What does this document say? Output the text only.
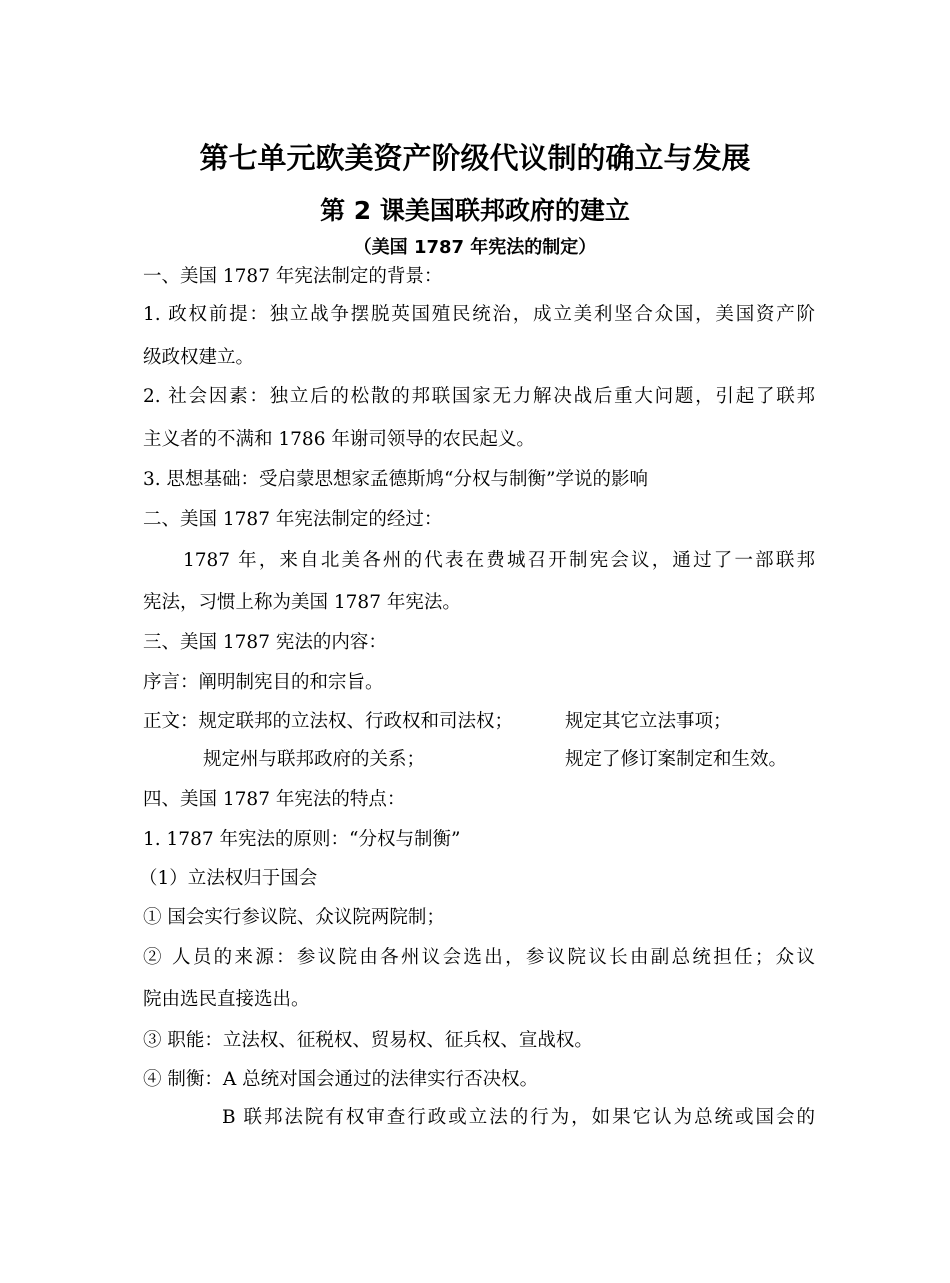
第七单元欧美资产阶级代议制的确立与发展
第 2 课美国联邦政府的建立
（美国 1787 年宪法的制定）
一、美国 1787 年宪法制定的背景：
1. 政权前提：独立战争摆脱英国殖民统治，成立美利坚合众国，美国资产阶
级政权建立。
2. 社会因素：独立后的松散的邦联国家无力解决战后重大问题，引起了联邦
主义者的不满和 1786 年谢司领导的农民起义。
3. 思想基础：受启蒙思想家孟德斯鸠“分权与制衡”学说的影响
二、美国 1787 年宪法制定的经过：
1787 年，来自北美各州的代表在费城召开制宪会议，通过了一部联邦
宪法，习惯上称为美国 1787 年宪法。
三、美国 1787 宪法的内容：
序言：阐明制宪目的和宗旨。
正文：规定联邦的立法权、行政权和司法权；	规定其它立法事项；
规定州与联邦政府的关系；	规定了修订案制定和生效。
四、美国 1787 年宪法的特点：
1. 1787 年宪法的原则：“分权与制衡”
（1）立法权归于国会
① 国会实行参议院、众议院两院制；
② 人员的来源：参议院由各州议会选出，参议院议长由副总统担任；众议
院由选民直接选出。
③ 职能：立法权、征税权、贸易权、征兵权、宣战权。
④ 制衡：A 总统对国会通过的法律实行否决权。
B 联邦法院有权审查行政或立法的行为，如果它认为总统或国会的
